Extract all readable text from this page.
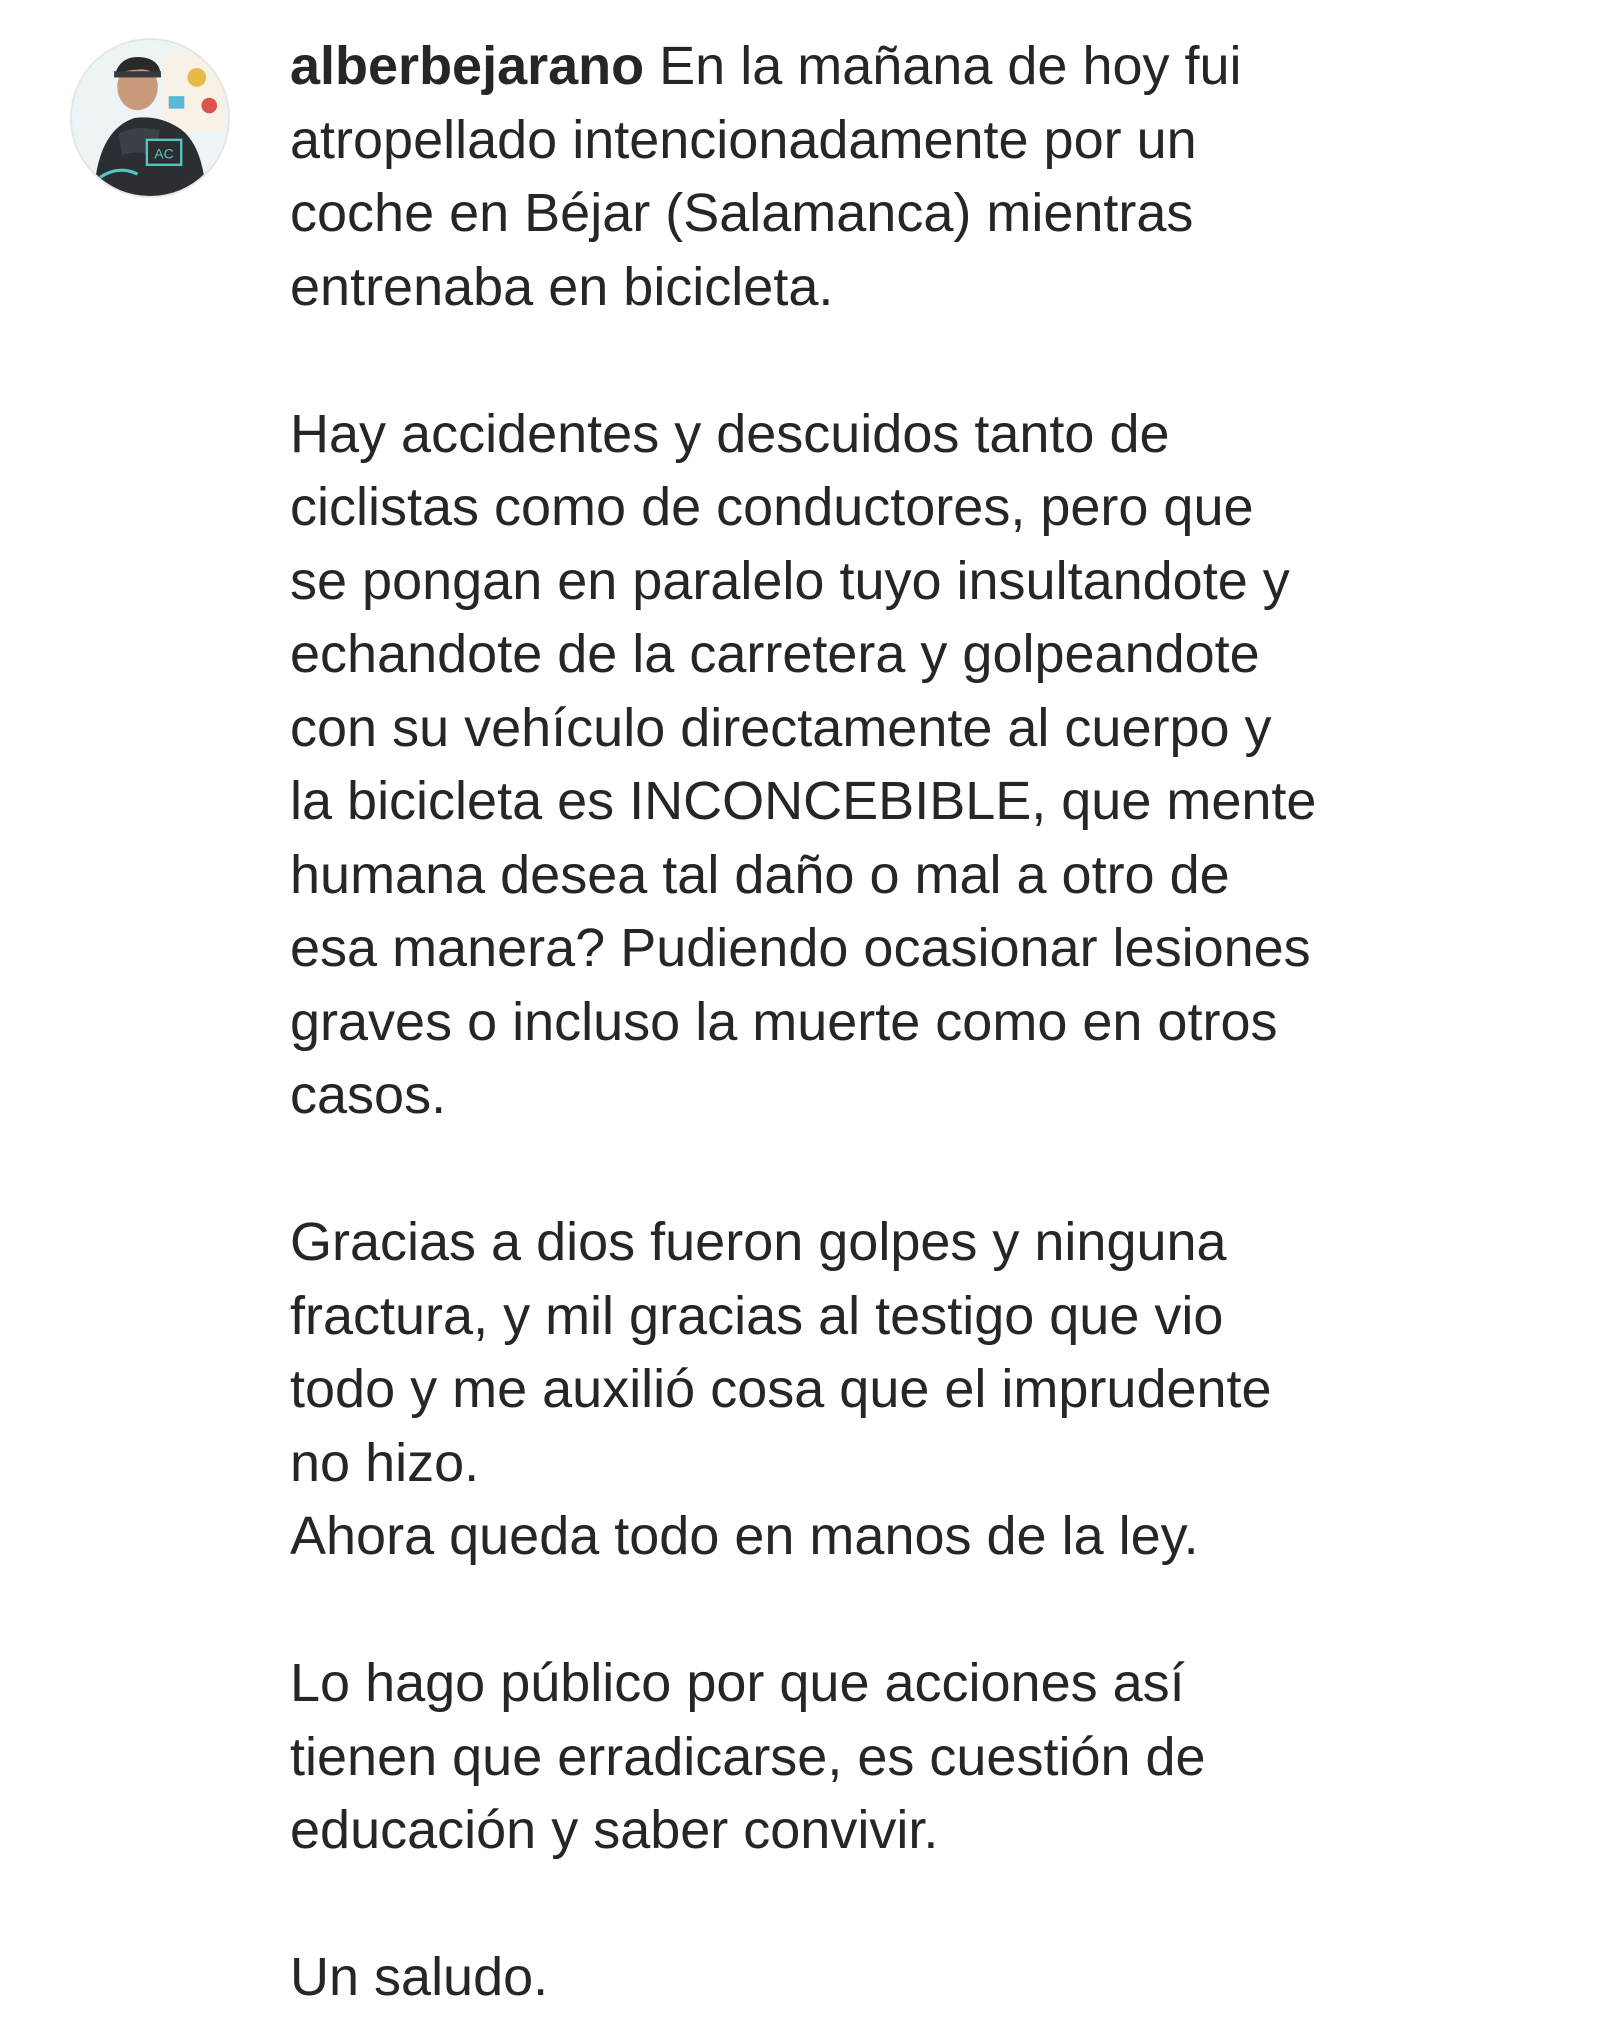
AC
alberbejarano En la mañana de hoy fui
atropellado intencionadamente por un
coche en Béjar (Salamanca) mientras
entrenaba en bicicleta.
Hay accidentes y descuidos tanto de
ciclistas como de conductores, pero que
se pongan en paralelo tuyo insultandote y
echandote de la carretera y golpeandote
con su vehículo directamente al cuerpo y
la bicicleta es INCONCEBIBLE, que mente
humana desea tal daño o mal a otro de
esa manera? Pudiendo ocasionar lesiones
graves o incluso la muerte como en otros
casos.
Gracias a dios fueron golpes y ninguna
fractura, y mil gracias al testigo que vio
todo y me auxilió cosa que el imprudente
no hizo.
Ahora queda todo en manos de la ley.
Lo hago público por que acciones así
tienen que erradicarse, es cuestión de
educación y saber convivir.
Un saludo.
